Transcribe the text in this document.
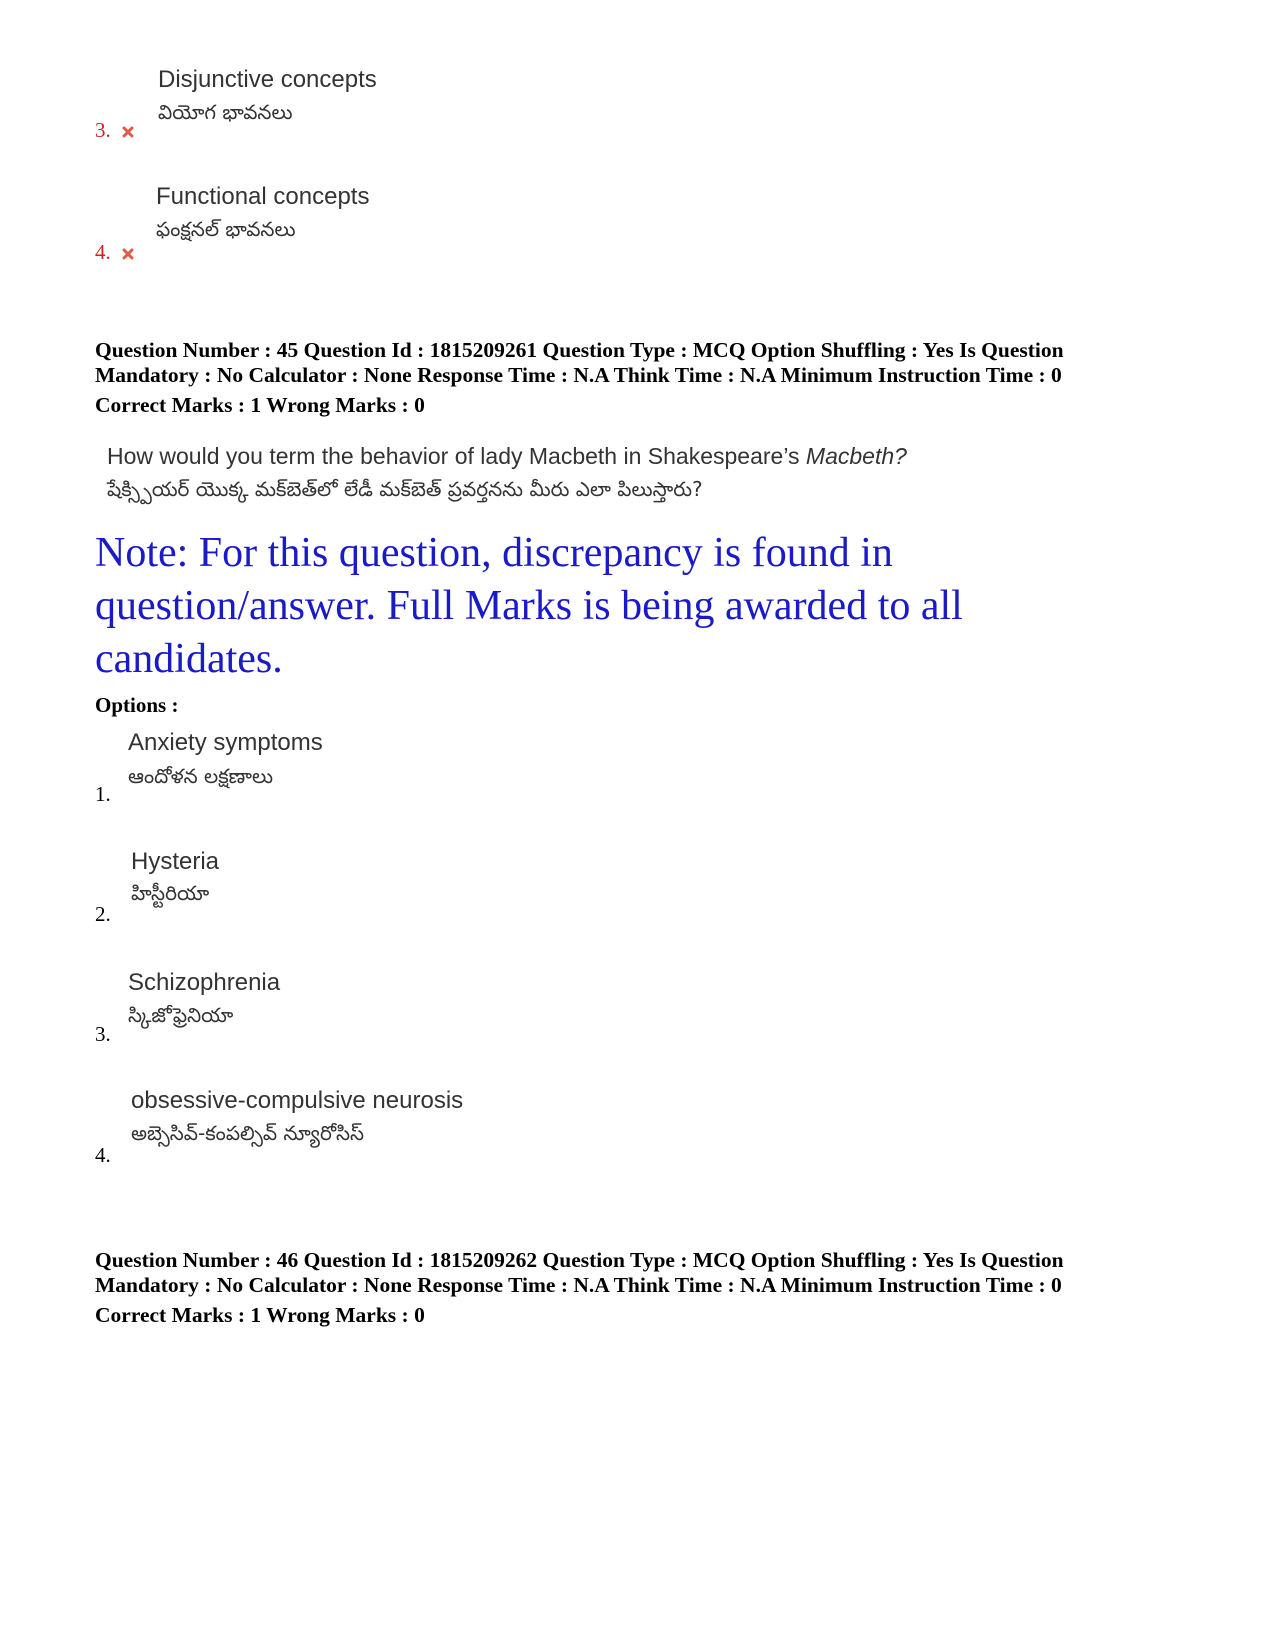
Disjunctive concepts
వియోగ భావనలు
3.
Functional concepts
ఫంక్షనల్ భావనలు
4.
Question Number : 45 Question Id : 1815209261 Question Type : MCQ Option Shuffling : Yes Is Question
Mandatory : No Calculator : None Response Time : N.A Think Time : N.A Minimum Instruction Time : 0
Correct Marks : 1 Wrong Marks : 0
How would you term the behavior of lady Macbeth in Shakespeare’s Macbeth?
షేక్స్పియర్ యొక్క మక్‌బెత్‌లో లేడీ మక్‌బెత్ ప్రవర్తనను మీరు ఎలా పిలుస్తారు?
Note: For this question, discrepancy is found in question/answer. Full Marks is being awarded to all candidates.
Options :
Anxiety symptoms
ఆందోళన లక్షణాలు
1.
Hysteria
హిస్టీరియా
2.
Schizophrenia
స్కిజోఫ్రెనియా
3.
obsessive-compulsive neurosis
అబ్సెసివ్-కంపల్సివ్ న్యూరోసిస్
4.
Question Number : 46 Question Id : 1815209262 Question Type : MCQ Option Shuffling : Yes Is Question
Mandatory : No Calculator : None Response Time : N.A Think Time : N.A Minimum Instruction Time : 0
Correct Marks : 1 Wrong Marks : 0
